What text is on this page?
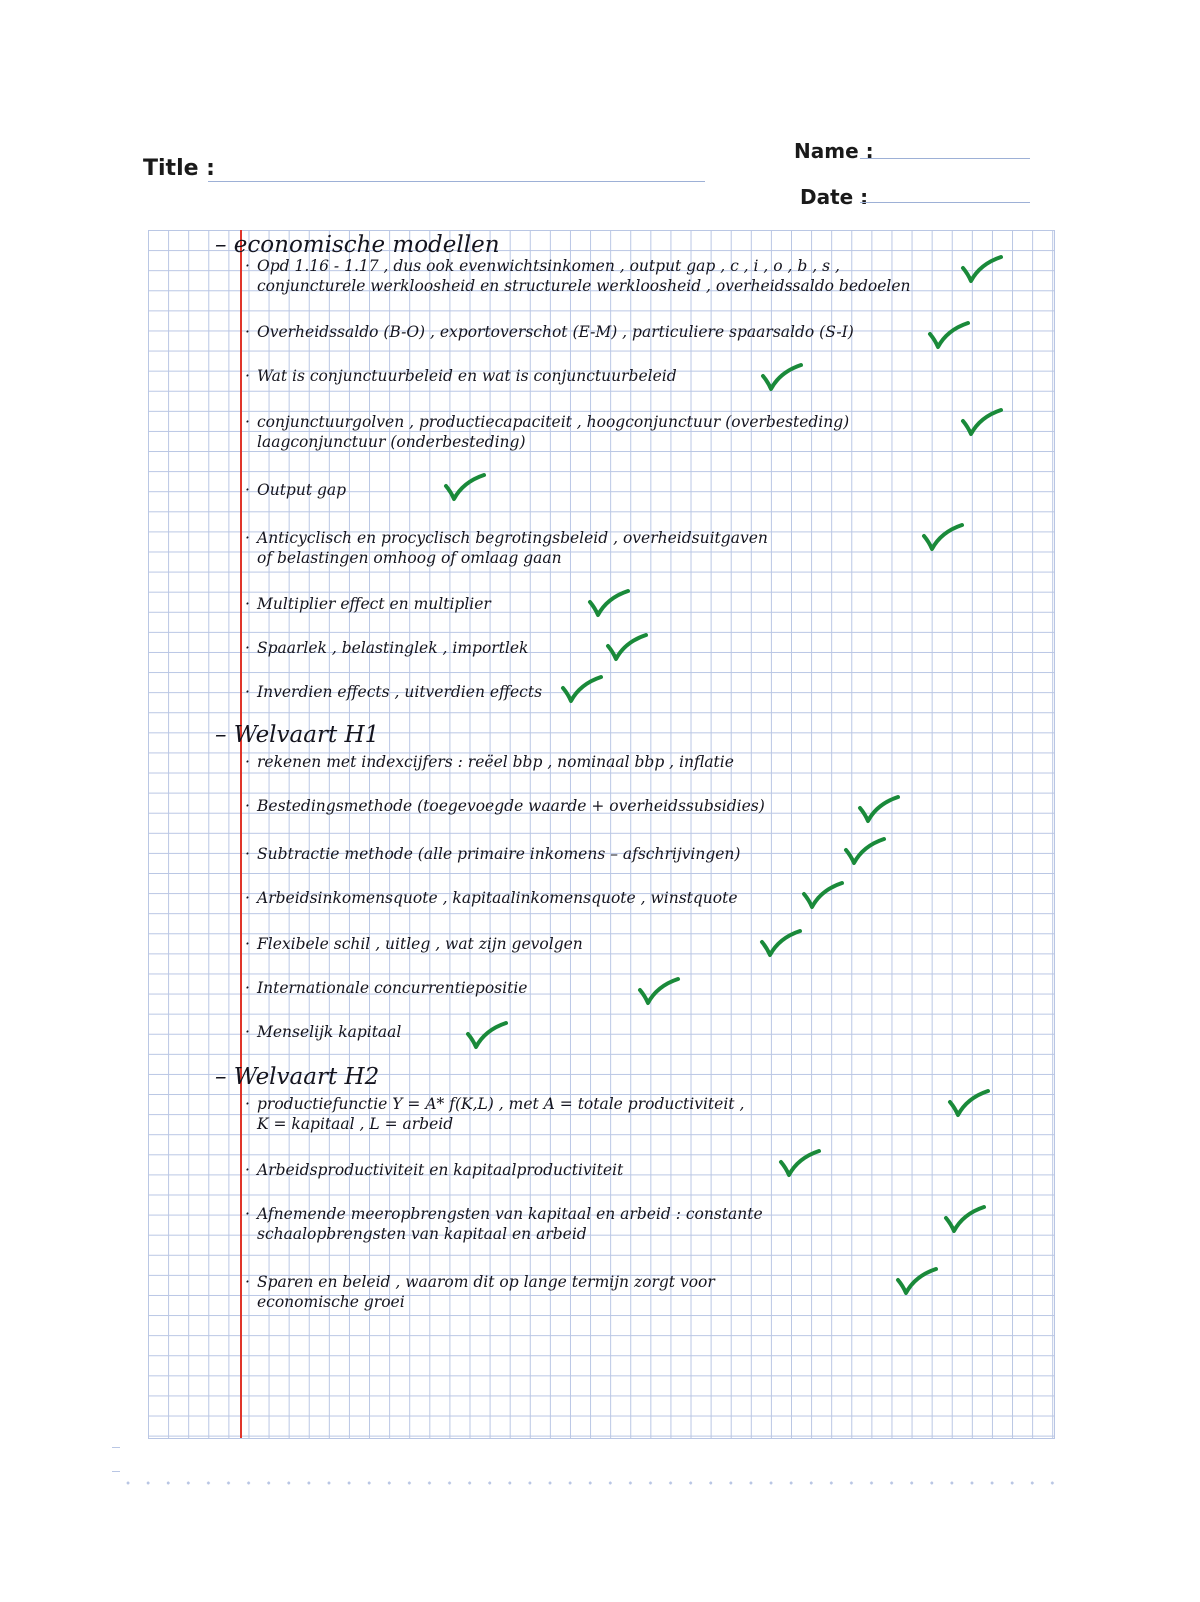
Title :
Name :
Date :
– economische modellen
· Opd 1.16 - 1.17 , dus ook evenwichtsinkomen , output gap , c , i , o , b , s ,
conjuncturele werkloosheid en structurele werkloosheid , overheidssaldo bedoelen
· Overheidssaldo (B-O) , exportoverschot (E-M) , particuliere spaarsaldo (S-I)
· Wat is conjunctuurbeleid en wat is conjunctuurbeleid
· conjunctuurgolven , productiecapaciteit , hoogconjunctuur (overbesteding)
laagconjunctuur (onderbesteding)
· Output gap
· Anticyclisch en procyclisch begrotingsbeleid , overheidsuitgaven
of belastingen omhoog of omlaag gaan
· Multiplier effect en multiplier
· Spaarlek , belastinglek , importlek
· Inverdien effects , uitverdien effects
– Welvaart H1
· rekenen met indexcijfers : reëel bbp , nominaal bbp , inflatie
· Bestedingsmethode (toegevoegde waarde + overheidssubsidies)
· Subtractie methode (alle primaire inkomens – afschrijvingen)
· Arbeidsinkomensquote , kapitaalinkomensquote , winstquote
· Flexibele schil , uitleg , wat zijn gevolgen
· Internationale concurrentiepositie
· Menselijk kapitaal
– Welvaart H2
· productiefunctie Y = A* f(K,L) , met A = totale productiviteit ,
K = kapitaal , L = arbeid
· Arbeidsproductiviteit en kapitaalproductiviteit
· Afnemende meeropbrengsten van kapitaal en arbeid : constante
schaalopbrengsten van kapitaal en arbeid
· Sparen en beleid , waarom dit op lange termijn zorgt voor
economische groei
